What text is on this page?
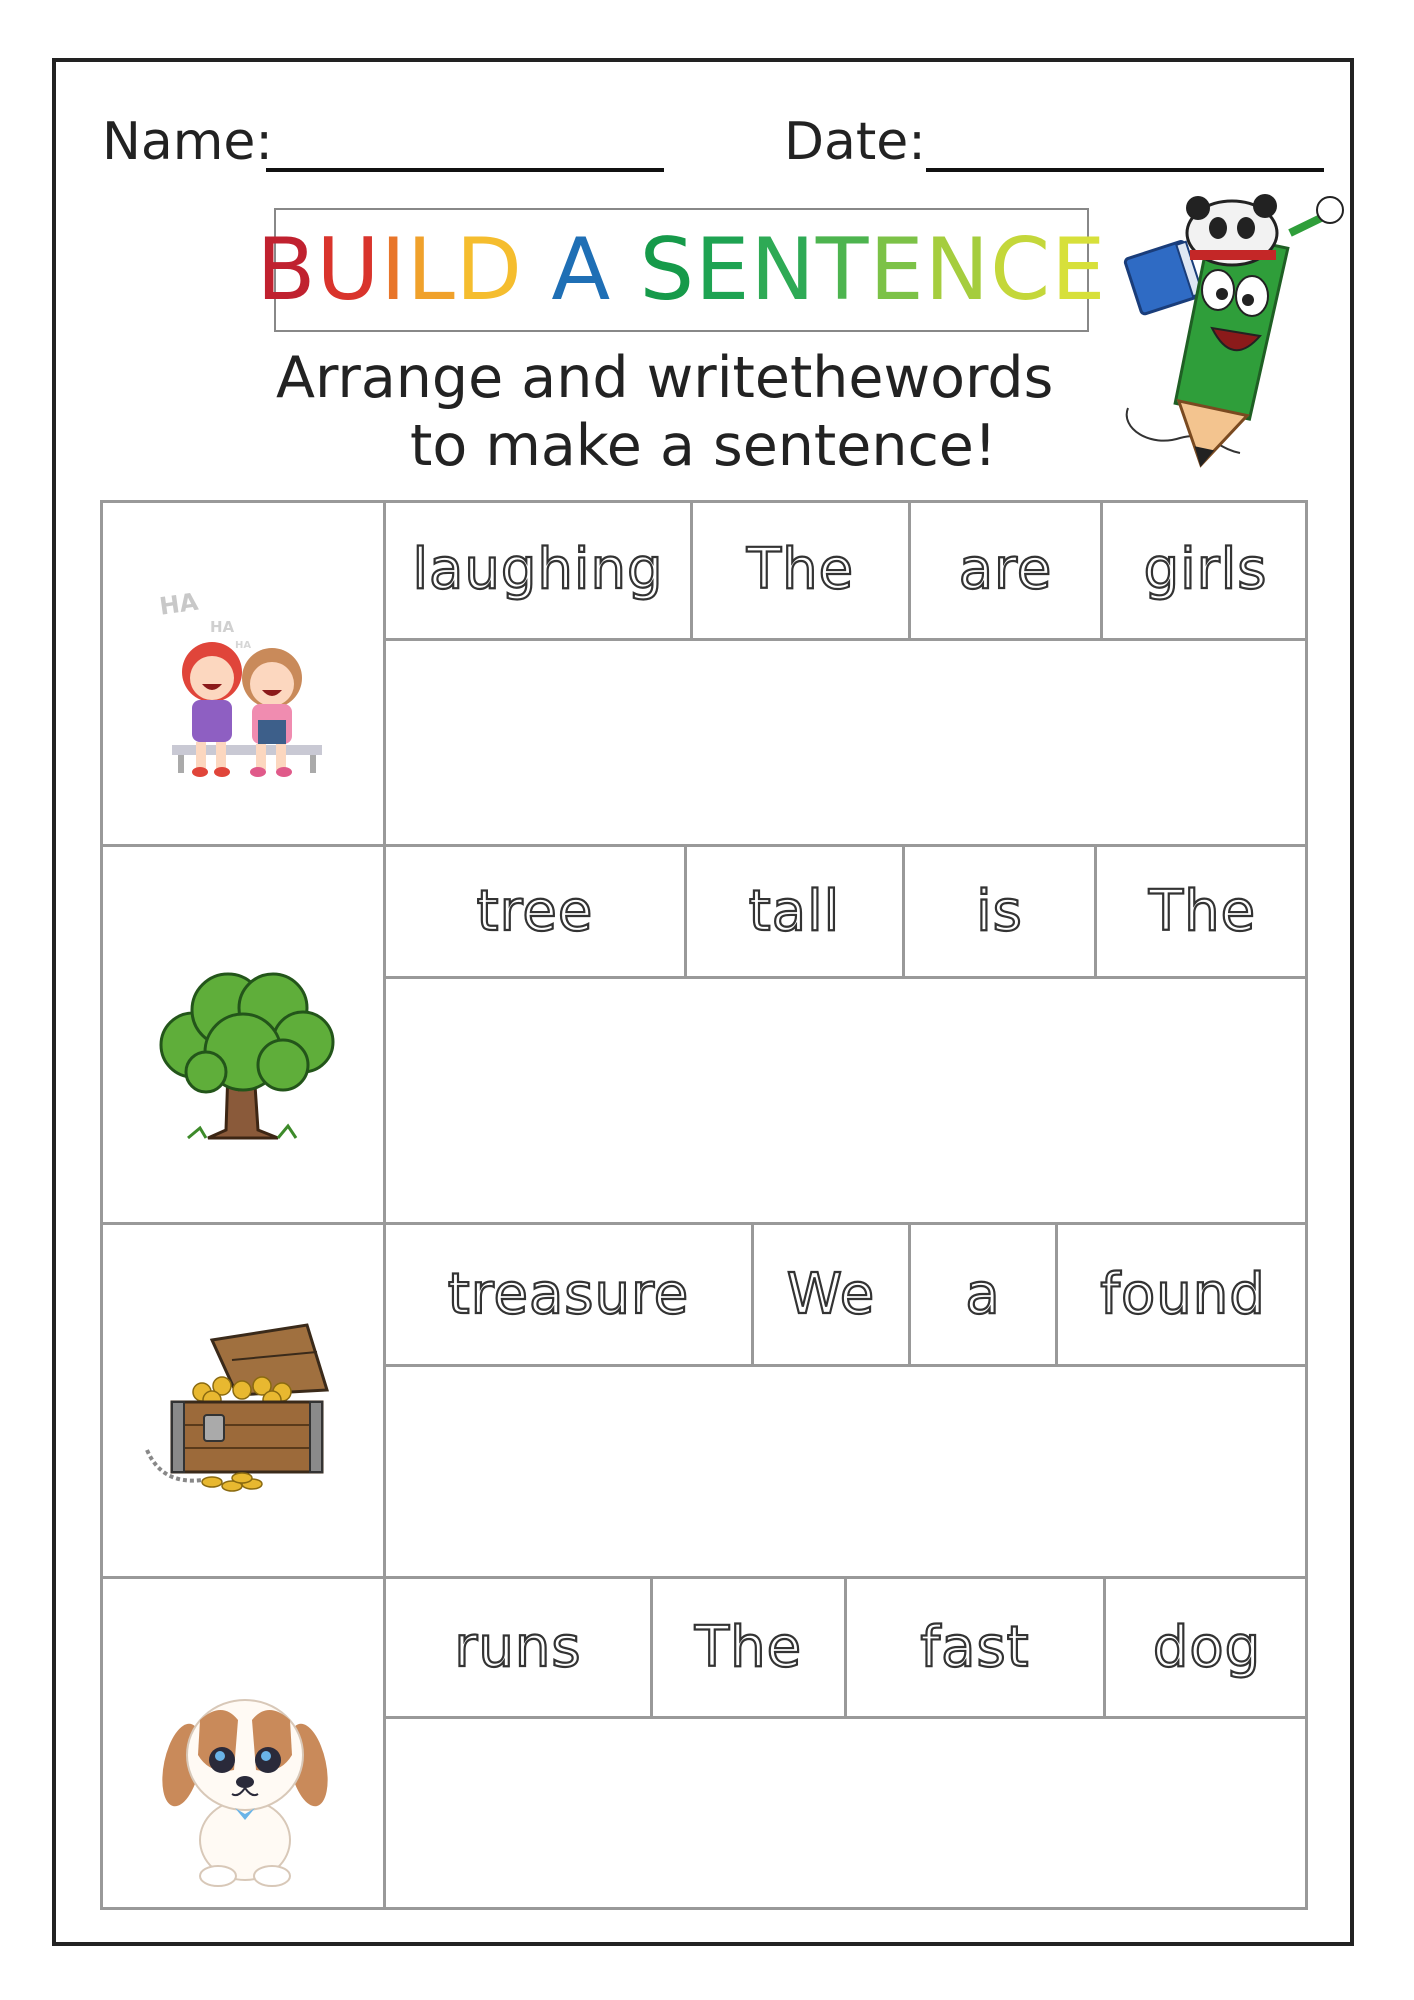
Name:	Date:
BUILD A SENTENCE
Arrange and writethewords
to make a sentence!
laughing	The	are	girls
tree	tall	is	The
treasure	We	a	found
runs	The	fast	dog
HA
HA
HA
